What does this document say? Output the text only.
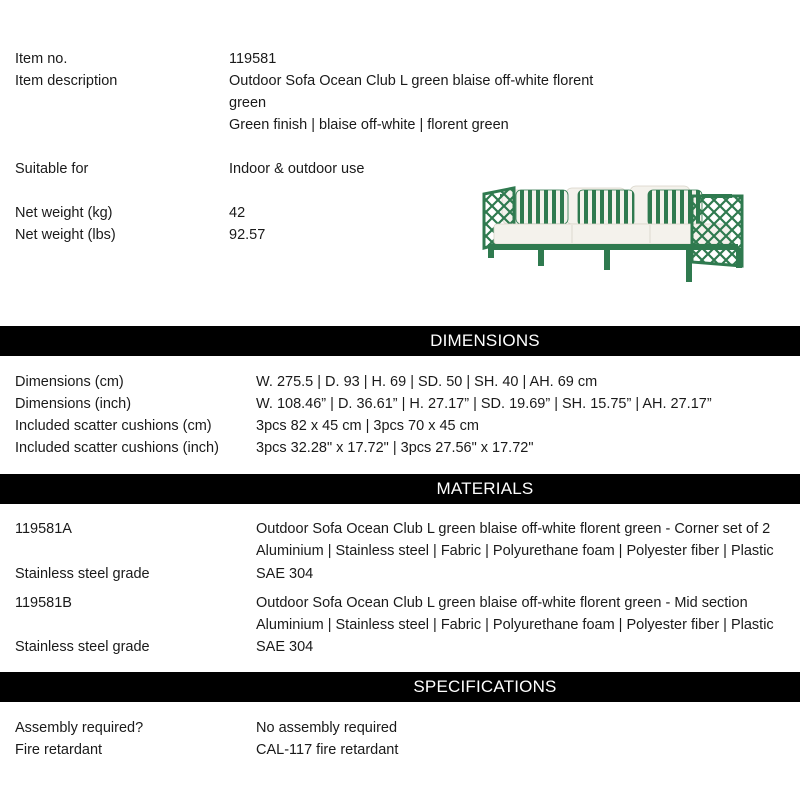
Item no.	119581
Item description	Outdoor Sofa Ocean Club L green blaise off-white florent
green
Green finish | blaise off-white | florent green
Suitable for	Indoor & outdoor use
Net weight (kg)	42
Net weight (lbs)	92.57
DIMENSIONS
Dimensions (cm)	W. 275.5 | D. 93 | H. 69 | SD. 50 | SH. 40 | AH. 69 cm
Dimensions (inch)	W. 108.46” | D. 36.61” | H. 27.17” | SD. 19.69” | SH. 15.75” | AH. 27.17”
Included scatter cushions (cm)	3pcs 82 x 45 cm | 3pcs 70 x 45 cm
Included scatter cushions (inch)	3pcs 32.28" x 17.72" | 3pcs 27.56" x 17.72"
MATERIALS
119581A	Outdoor Sofa Ocean Club L green blaise off-white florent green - Corner set of 2
Aluminium | Stainless steel | Fabric | Polyurethane foam | Polyester fiber | Plastic
Stainless steel grade	SAE 304
119581B	Outdoor Sofa Ocean Club L green blaise off-white florent green - Mid section
Aluminium | Stainless steel | Fabric | Polyurethane foam | Polyester fiber | Plastic
Stainless steel grade	SAE 304
SPECIFICATIONS
Assembly required?	No assembly required
Fire retardant	CAL-117 fire retardant
